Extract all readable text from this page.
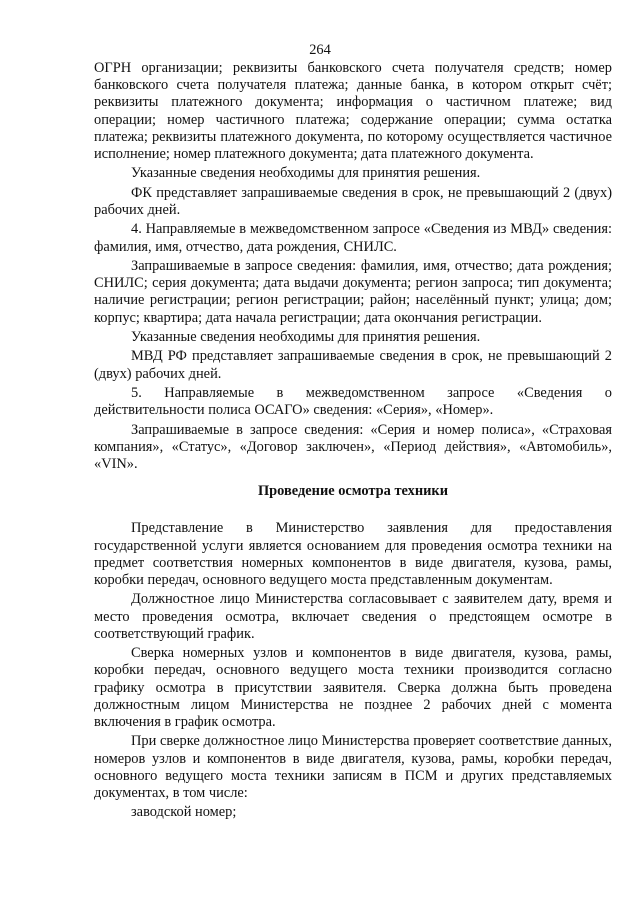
264

ОГРН организации; реквизиты банковского счета получателя средств; номер банковского счета получателя платежа; данные банка, в котором открыт счёт; реквизиты платежного документа; информация о частичном платеже; вид операции; номер частичного платежа; содержание операции; сумма остатка платежа; реквизиты платежного документа, по которому осуществляется частичное исполнение; номер платежного документа; дата платежного документа.

Указанные сведения необходимы для принятия решения.

ФК представляет запрашиваемые сведения в срок, не превышающий 2 (двух) рабочих дней.

4. Направляемые в межведомственном запросе «Сведения из МВД» сведения: фамилия, имя, отчество, дата рождения, СНИЛС.

Запрашиваемые в запросе сведения: фамилия, имя, отчество; дата рождения; СНИЛС; серия документа; дата выдачи документа; регион запроса; тип документа; наличие регистрации; регион регистрации; район; населённый пункт; улица; дом; корпус; квартира; дата начала регистрации; дата окончания регистрации.

Указанные сведения необходимы для принятия решения.

МВД РФ представляет запрашиваемые сведения в срок, не превышающий 2 (двух) рабочих дней.

5. Направляемые в межведомственном запросе «Сведения о действительности полиса ОСАГО» сведения: «Серия», «Номер».

Запрашиваемые в запросе сведения: «Серия и номер полиса», «Страховая компания», «Статус», «Договор заключен», «Период действия», «Автомобиль», «VIN».

Проведение осмотра техники

Представление в Министерство заявления для предоставления государственной услуги является основанием для проведения осмотра техники на предмет соответствия номерных компонентов в виде двигателя, кузова, рамы, коробки передач, основного ведущего моста представленным документам.

Должностное лицо Министерства согласовывает с заявителем дату, время и место проведения осмотра, включает сведения о предстоящем осмотре в соответствующий график.

Сверка номерных узлов и компонентов в виде двигателя, кузова, рамы, коробки передач, основного ведущего моста техники производится согласно графику осмотра в присутствии заявителя. Сверка должна быть проведена должностным лицом Министерства не позднее 2 рабочих дней с момента включения в график осмотра.

При сверке должностное лицо Министерства проверяет соответствие данных, номеров узлов и компонентов в виде двигателя, кузова, рамы, коробки передач, основного ведущего моста техники записям в ПСМ и других представляемых документах, в том числе:

заводской номер;
